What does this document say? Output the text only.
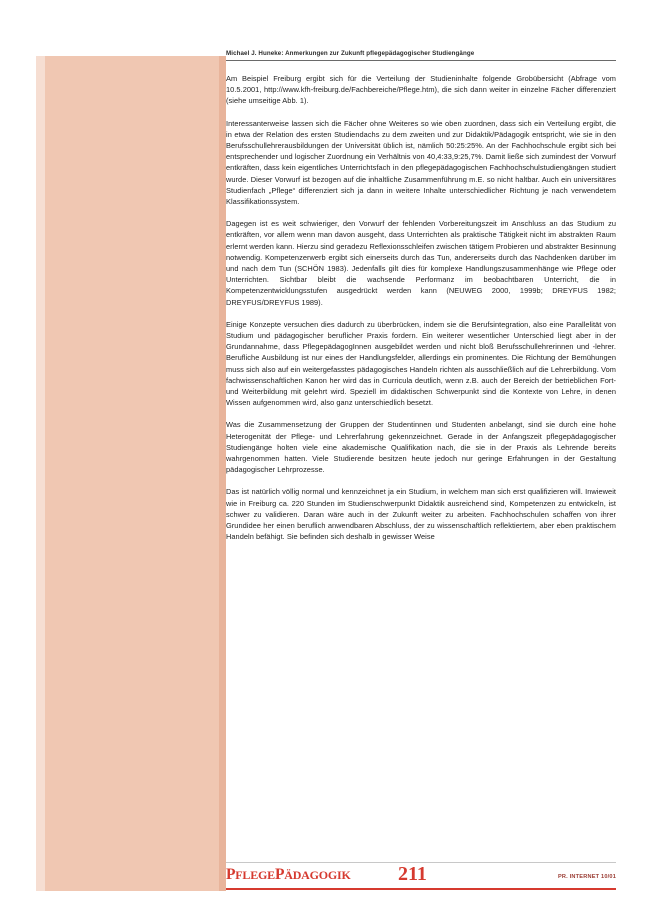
Michael J. Huneke: Anmerkungen zur Zukunft pflegepädagogischer Studiengänge

Am Beispiel Freiburg ergibt sich für die Verteilung der Studieninhalte folgende Grobübersicht (Abfrage vom 10.5.2001, http://www.kfh-freiburg.de/Fachbereiche/Pflege.htm), die sich dann weiter in einzelne Fächer differenziert (siehe umseitige Abb. 1).

Interessanterweise lassen sich die Fächer ohne Weiteres so wie oben zuordnen, dass sich ein Verteilung ergibt, die in etwa der Relation des ersten Studiendachs zu dem zweiten und zur Didaktik/Pädagogik entspricht, wie sie in den Berufsschullehrerausbildungen der Universität üblich ist, nämlich 50:25:25%. An der Fachhochschule ergibt sich bei entsprechender und logischer Zuordnung ein Verhältnis von 40,4:33,9:25,7%. Damit ließe sich zumindest der Vorwurf entkräften, dass kein eigentliches Unterrichtsfach in den pflegepädagogischen Fachhochschulstudiengängen studiert wurde. Dieser Vorwurf ist bezogen auf die inhaltliche Zusammenführung m.E. so nicht haltbar. Auch ein universitäres Studienfach „Pflege“ differenziert sich ja dann in weitere Inhalte unterschiedlicher Richtung je nach verwendetem Klassifikationssystem.

Dagegen ist es weit schwieriger, den Vorwurf der fehlenden Vorbereitungszeit im Anschluss an das Studium zu entkräften, vor allem wenn man davon ausgeht, dass Unterrichten als praktische Tätigkeit nicht im abstrakten Raum erlernt werden kann. Hierzu sind geradezu Reflexionsschleifen zwischen tätigem Probieren und abstrakter Besinnung notwendig. Kompetenzerwerb ergibt sich einerseits durch das Tun, andererseits durch das Nachdenken darüber im und nach dem Tun (SCHÖN 1983). Jedenfalls gilt dies für komplexe Handlungszusammenhänge wie Pflege oder Unterrichten. Sichtbar bleibt die wachsende Performanz im beobachtbaren Unterricht, die in Kompetenzentwicklungsstufen ausgedrückt werden kann (NEUWEG 2000, 1999b; DREYFUS 1982; DREYFUS/DREYFUS 1989).

Einige Konzepte versuchen dies dadurch zu überbrücken, indem sie die Berufsintegration, also eine Parallelität von Studium und pädagogischer beruflicher Praxis fordern. Ein weiterer wesentlicher Unterschied liegt aber in der Grundannahme, dass PflegepädagogInnen ausgebildet werden und nicht bloß Berufsschullehrerinnen und -lehrer. Berufliche Ausbildung ist nur eines der Handlungsfelder, allerdings ein prominentes. Die Richtung der Bemühungen muss sich also auf ein weitergefasstes pädagogisches Handeln richten als ausschließlich auf die Lehrerbildung. Vom fachwissenschaftlichen Kanon her wird das in Curricula deutlich, wenn z.B. auch der Bereich der betrieblichen Fort- und Weiterbildung mit gelehrt wird. Speziell im didaktischen Schwerpunkt sind die Kontexte von Lehre, in denen Wissen aufgenommen wird, also ganz unterschiedlich besetzt.

Was die Zusammensetzung der Gruppen der Studentinnen und Studenten anbelangt, sind sie durch eine hohe Heterogenität der Pflege- und Lehrerfahrung gekennzeichnet. Gerade in der Anfangszeit pflegepädagogischer Studiengänge holten viele eine akademische Qualifikation nach, die sie in der Praxis als Lehrende bereits wahrgenommen hatten. Viele Studierende besitzen heute jedoch nur geringe Erfahrungen in der Gestaltung pädagogischer Lehrprozesse.

Das ist natürlich völlig normal und kennzeichnet ja ein Studium, in welchem man sich erst qualifizieren will. Inwieweit wie in Freiburg ca. 220 Stunden im Studienschwerpunkt Didaktik ausreichend sind, Kompetenzen zu entwickeln, ist schwer zu validieren. Daran wäre auch in der Zukunft weiter zu arbeiten. Fachhochschulen schaffen von ihrer Grundidee her einen beruflich anwendbaren Abschluss, der zu wissenschaftlich reflektiertem, aber eben praktischem Handeln befähigt. Sie befinden sich deshalb in gewisser Weise

PFLEGEPÄDAGOGIK 211	PR. INTERNET 10/01
